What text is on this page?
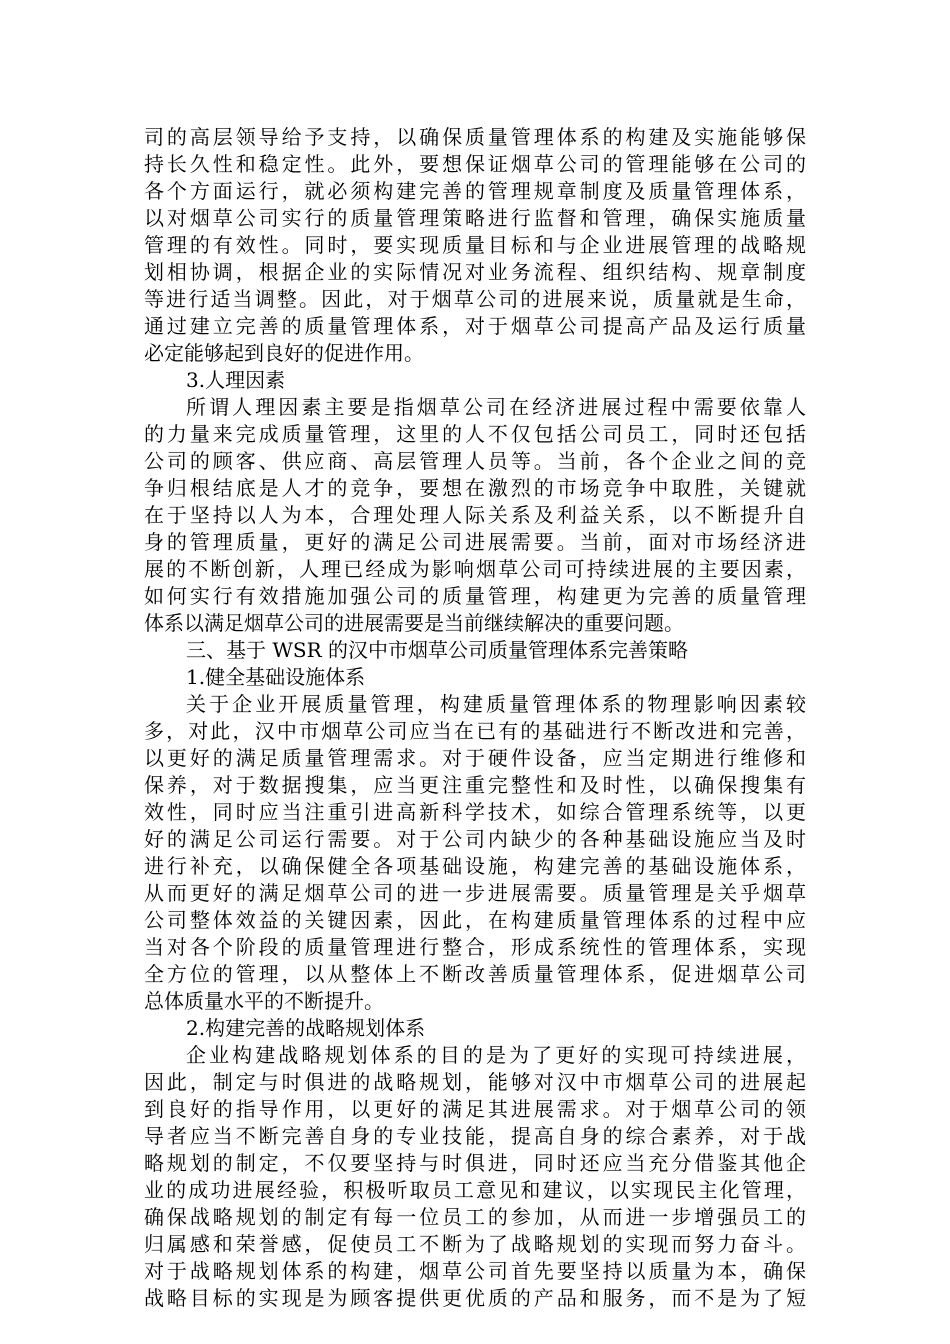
司的高层领导给予支持，以确保质量管理体系的构建及实施能够保
持长久性和稳定性。此外，要想保证烟草公司的管理能够在公司的
各个方面运行，就必须构建完善的管理规章制度及质量管理体系，
以对烟草公司实行的质量管理策略进行监督和管理，确保实施质量
管理的有效性。同时，要实现质量目标和与企业进展管理的战略规
划相协调，根据企业的实际情况对业务流程、组织结构、规章制度
等进行适当调整。因此，对于烟草公司的进展来说，质量就是生命，
通过建立完善的质量管理体系，对于烟草公司提高产品及运行质量
必定能够起到良好的促进作用。
3.人理因素
所谓人理因素主要是指烟草公司在经济进展过程中需要依靠人
的力量来完成质量管理，这里的人不仅包括公司员工，同时还包括
公司的顾客、供应商、高层管理人员等。当前，各个企业之间的竞
争归根结底是人才的竞争，要想在激烈的市场竞争中取胜，关键就
在于坚持以人为本，合理处理人际关系及利益关系，以不断提升自
身的管理质量，更好的满足公司进展需要。当前，面对市场经济进
展的不断创新，人理已经成为影响烟草公司可持续进展的主要因素，
如何实行有效措施加强公司的质量管理，构建更为完善的质量管理
体系以满足烟草公司的进展需要是当前继续解决的重要问题。
三、基于 WSR 的汉中市烟草公司质量管理体系完善策略
1.健全基础设施体系
关于企业开展质量管理，构建质量管理体系的物理影响因素较
多，对此，汉中市烟草公司应当在已有的基础进行不断改进和完善，
以更好的满足质量管理需求。对于硬件设备，应当定期进行维修和
保养，对于数据搜集，应当更注重完整性和及时性，以确保搜集有
效性，同时应当注重引进高新科学技术，如综合管理系统等，以更
好的满足公司运行需要。对于公司内缺少的各种基础设施应当及时
进行补充，以确保健全各项基础设施，构建完善的基础设施体系，
从而更好的满足烟草公司的进一步进展需要。质量管理是关乎烟草
公司整体效益的关键因素，因此，在构建质量管理体系的过程中应
当对各个阶段的质量管理进行整合，形成系统性的管理体系，实现
全方位的管理，以从整体上不断改善质量管理体系，促进烟草公司
总体质量水平的不断提升。
2.构建完善的战略规划体系
企业构建战略规划体系的目的是为了更好的实现可持续进展，
因此，制定与时俱进的战略规划，能够对汉中市烟草公司的进展起
到良好的指导作用，以更好的满足其进展需求。对于烟草公司的领
导者应当不断完善自身的专业技能，提高自身的综合素养，对于战
略规划的制定，不仅要坚持与时俱进，同时还应当充分借鉴其他企
业的成功进展经验，积极听取员工意见和建议，以实现民主化管理，
确保战略规划的制定有每一位员工的参加，从而进一步增强员工的
归属感和荣誉感，促使员工不断为了战略规划的实现而努力奋斗。
对于战略规划体系的构建，烟草公司首先要坚持以质量为本，确保
战略目标的实现是为顾客提供更优质的产品和服务，而不是为了短
